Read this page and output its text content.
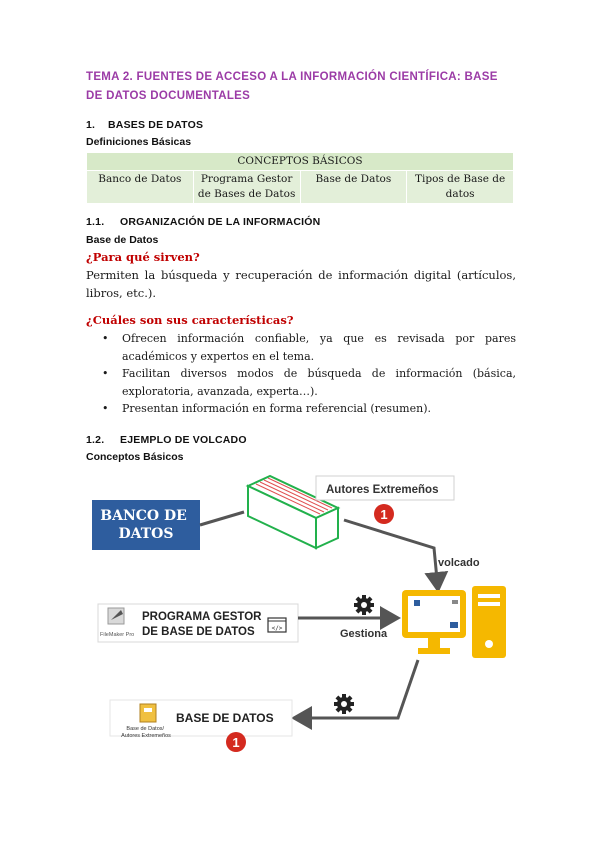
TEMA 2. FUENTES DE ACCESO A LA INFORMACIÓN CIENTÍFICA: BASE DE DATOS DOCUMENTALES
1. BASES DE DATOS
Definiciones Básicas
CONCEPTOS BÁSICOS
Banco de Datos	Programa Gestor de Bases de Datos	Base de Datos	Tipos de Base de datos
1.1. ORGANIZACIÓN DE LA INFORMACIÓN
Base de Datos
¿Para qué sirven?
Permiten la búsqueda y recuperación de información digital (artículos, libros, etc.).
¿Cuáles son sus características?
• Ofrecen información confiable, ya que es revisada por pares académicos y expertos en el tema.
• Facilitan diversos modos de búsqueda de información (básica, exploratoria, avanzada, experta…).
• Presentan información en forma referencial (resumen).
1.2. EJEMPLO DE VOLCADO
Conceptos Básicos
BANCO DE DATOS
Autores Extremeños
1
volcado
FileMaker Pro
PROGRAMA GESTOR DE BASE DE DATOS	</>	Gestiona
Base de Datos/ Autores Extremeños
BASE DE DATOS
1
